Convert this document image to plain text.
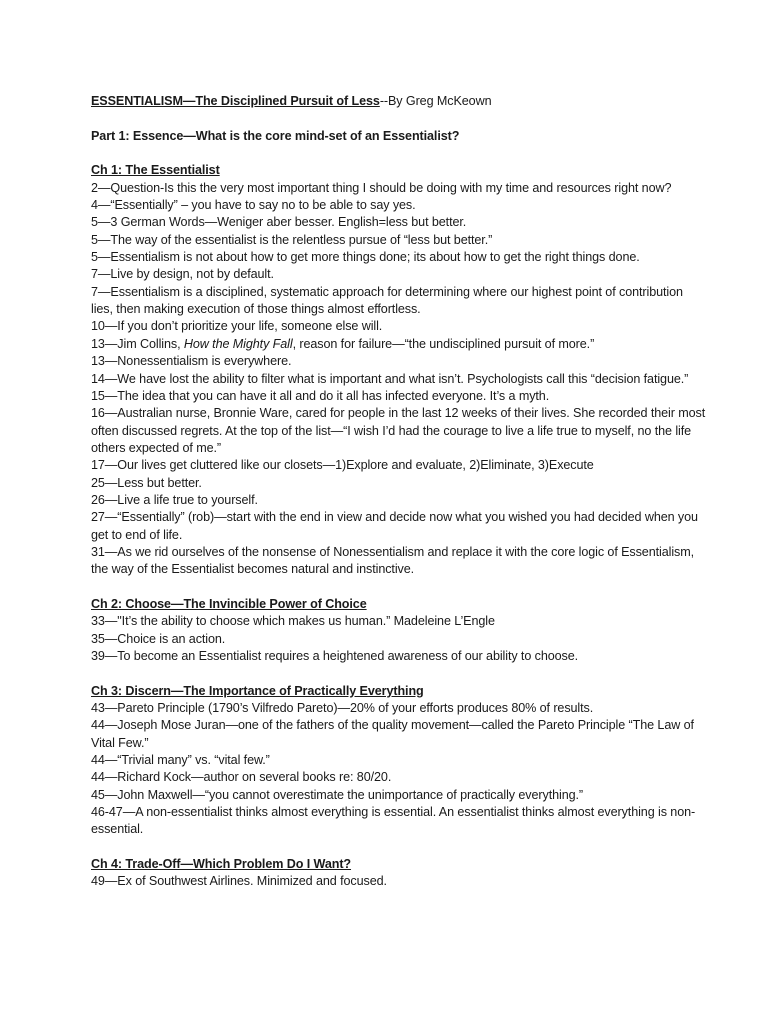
ESSENTIALISM—The Disciplined Pursuit of Less--By Greg McKeown

Part 1: Essence—What is the core mind-set of an Essentialist?

Ch 1: The Essentialist

2—Question-Is this the very most important thing I should be doing with my time and resources right now?

4—“Essentially” – you have to say no to be able to say yes.

5—3 German Words—Weniger aber besser. English=less but better.

5—The way of the essentialist is the relentless pursue of “less but better.”

5—Essentialism is not about how to get more things done; its about how to get the right things done.

7—Live by design, not by default.

7—Essentialism is a disciplined, systematic approach for determining where our highest point of contribution lies, then making execution of those things almost effortless.

10—If you don’t prioritize your life, someone else will.

13—Jim Collins, How the Mighty Fall, reason for failure—“the undisciplined pursuit of more.”

13—Nonessentialism is everywhere.

14—We have lost the ability to filter what is important and what isn’t. Psychologists call this “decision fatigue.”

15—The idea that you can have it all and do it all has infected everyone. It’s a myth.

16—Australian nurse, Bronnie Ware, cared for people in the last 12 weeks of their lives. She recorded their most often discussed regrets. At the top of the list—“I wish I’d had the courage to live a life true to myself, no the life others expected of me.”

17—Our lives get cluttered like our closets—1)Explore and evaluate, 2)Eliminate, 3)Execute

25—Less but better.

26—Live a life true to yourself.

27—“Essentially” (rob)—start with the end in view and decide now what you wished you had decided when you get to end of life.

31—As we rid ourselves of the nonsense of Nonessentialism and replace it with the core logic of Essentialism, the way of the Essentialist becomes natural and instinctive.

Ch 2: Choose—The Invincible Power of Choice

33—"It’s the ability to choose which makes us human.” Madeleine L’Engle

35—Choice is an action.

39—To become an Essentialist requires a heightened awareness of our ability to choose.

Ch 3: Discern—The Importance of Practically Everything

43—Pareto Principle (1790’s Vilfredo Pareto)—20% of your efforts produces 80% of results.

44—Joseph Mose Juran—one of the fathers of the quality movement—called the Pareto Principle “The Law of Vital Few.”

44—“Trivial many” vs. “vital few.”

44—Richard Kock—author on several books re: 80/20.

45—John Maxwell—“you cannot overestimate the unimportance of practically everything.”

46-47—A non-essentialist thinks almost everything is essential. An essentialist thinks almost everything is non-essential.

Ch 4: Trade-Off—Which Problem Do I Want?

49—Ex of Southwest Airlines. Minimized and focused.
